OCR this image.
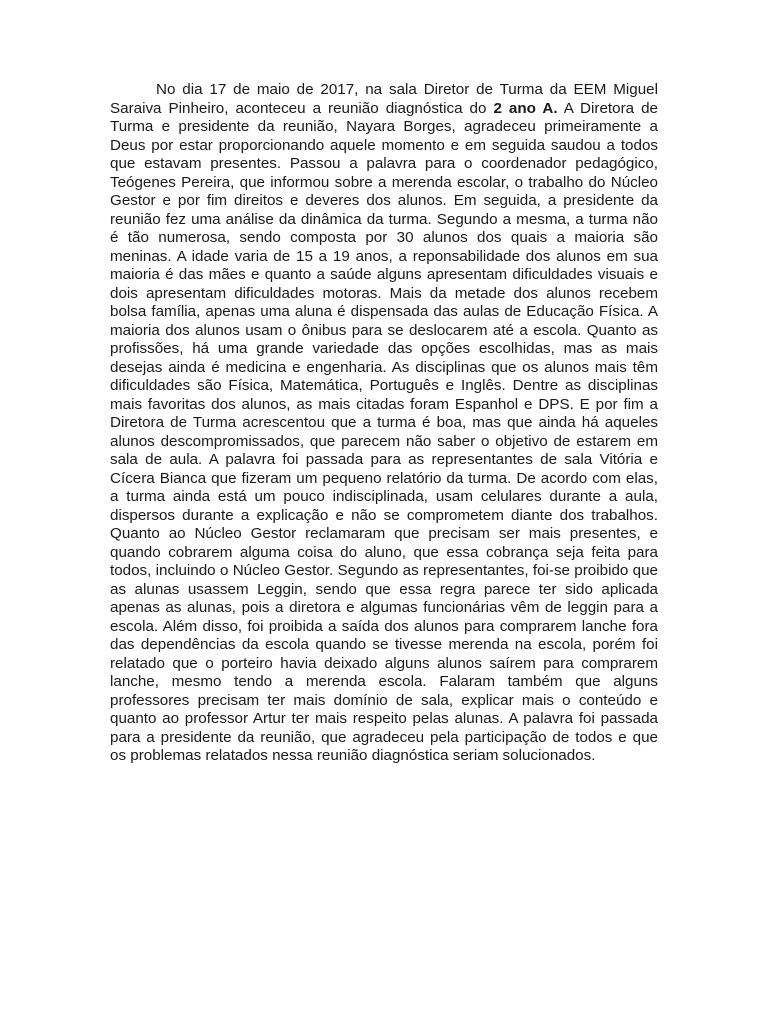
No dia 17 de maio de 2017, na sala Diretor de Turma da EEM Miguel
Saraiva Pinheiro, aconteceu a reunião diagnóstica do 2 ano A. A Diretora de
Turma e presidente da reunião, Nayara Borges, agradeceu primeiramente a
Deus por estar proporcionando aquele momento e em seguida saudou a todos
que estavam presentes. Passou a palavra para o coordenador pedagógico,
Teógenes Pereira, que informou sobre a merenda escolar, o trabalho do Núcleo
Gestor e por fim direitos e deveres dos alunos. Em seguida, a presidente da
reunião fez uma análise da dinâmica da turma. Segundo a mesma, a turma não
é tão numerosa, sendo composta por 30 alunos dos quais a maioria são
meninas. A idade varia de 15 a 19 anos, a reponsabilidade dos alunos em sua
maioria é das mães e quanto a saúde alguns apresentam dificuldades visuais e
dois apresentam dificuldades motoras. Mais da metade dos alunos recebem
bolsa família, apenas uma aluna é dispensada das aulas de Educação Física. A
maioria dos alunos usam o ônibus para se deslocarem até a escola. Quanto as
profissões, há uma grande variedade das opções escolhidas, mas as mais
desejas ainda é medicina e engenharia. As disciplinas que os alunos mais têm
dificuldades são Física, Matemática, Português e Inglês. Dentre as disciplinas
mais favoritas dos alunos, as mais citadas foram Espanhol e DPS. E por fim a
Diretora de Turma acrescentou que a turma é boa, mas que ainda há aqueles
alunos descompromissados, que parecem não saber o objetivo de estarem em
sala de aula. A palavra foi passada para as representantes de sala Vitória e
Cícera Bianca que fizeram um pequeno relatório da turma. De acordo com elas,
a turma ainda está um pouco indisciplinada, usam celulares durante a aula,
dispersos durante a explicação e não se comprometem diante dos trabalhos.
Quanto ao Núcleo Gestor reclamaram que precisam ser mais presentes, e
quando cobrarem alguma coisa do aluno, que essa cobrança seja feita para
todos, incluindo o Núcleo Gestor. Segundo as representantes, foi-se proibido que
as alunas usassem Leggin, sendo que essa regra parece ter sido aplicada
apenas as alunas, pois a diretora e algumas funcionárias vêm de leggin para a
escola. Além disso, foi proibida a saída dos alunos para comprarem lanche fora
das dependências da escola quando se tivesse merenda na escola, porém foi
relatado que o porteiro havia deixado alguns alunos saírem para comprarem
lanche, mesmo tendo a merenda escola. Falaram também que alguns
professores precisam ter mais domínio de sala, explicar mais o conteúdo e
quanto ao professor Artur ter mais respeito pelas alunas. A palavra foi passada
para a presidente da reunião, que agradeceu pela participação de todos e que
os problemas relatados nessa reunião diagnóstica seriam solucionados.
